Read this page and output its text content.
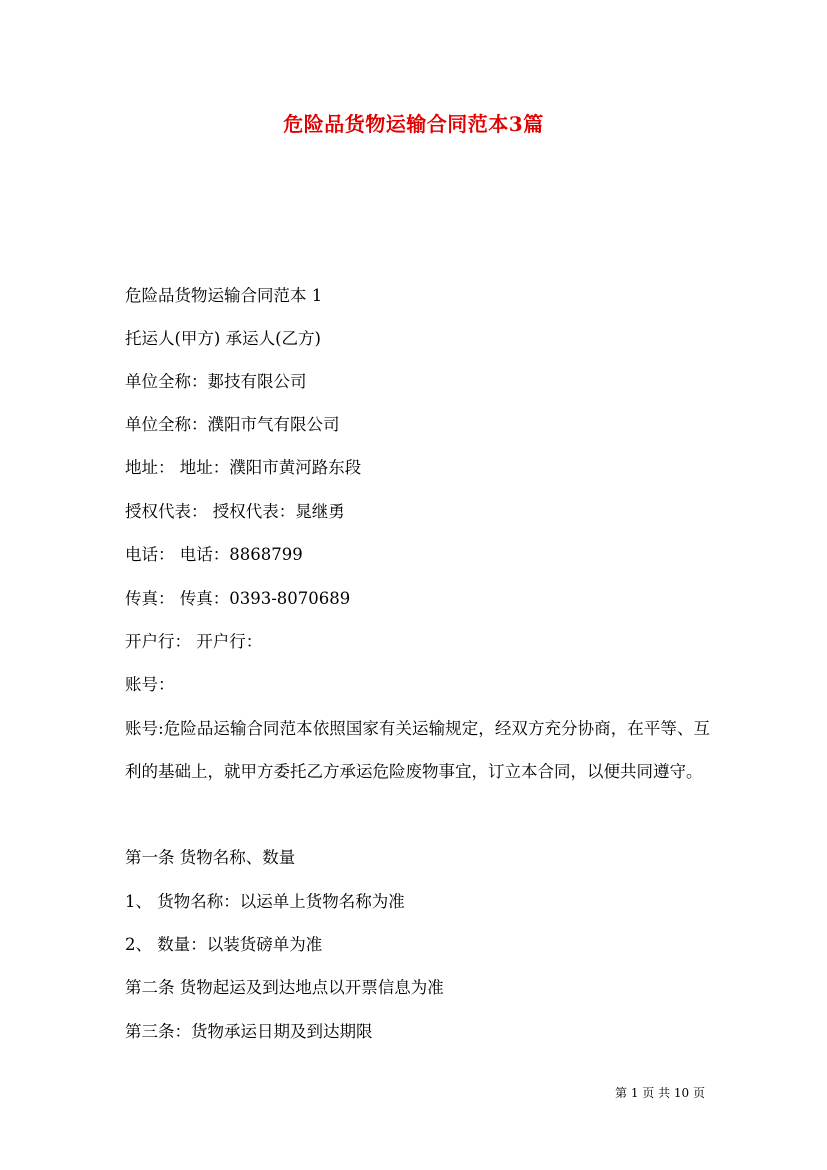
危险品货物运输合同范本3篇
危险品货物运输合同范本 1
托运人(甲方) 承运人(乙方)
单位全称：郪技有限公司
单位全称：濮阳市气有限公司
地址： 地址：濮阳市黄河路东段
授权代表： 授权代表：晁继勇
电话： 电话：8868799
传真： 传真：0393-8070689
开户行： 开户行：
账号：
账号:危险品运输合同范本依照国家有关运输规定，经双方充分协商，在平等、互利的基础上，就甲方委托乙方承运危险废物事宜，订立本合同，以便共同遵守。
第一条 货物名称、数量
1、 货物名称：以运单上货物名称为准
2、 数量：以装货磅单为准
第二条 货物起运及到达地点以开票信息为准
第三条：货物承运日期及到达期限
第 1 页 共 10 页
